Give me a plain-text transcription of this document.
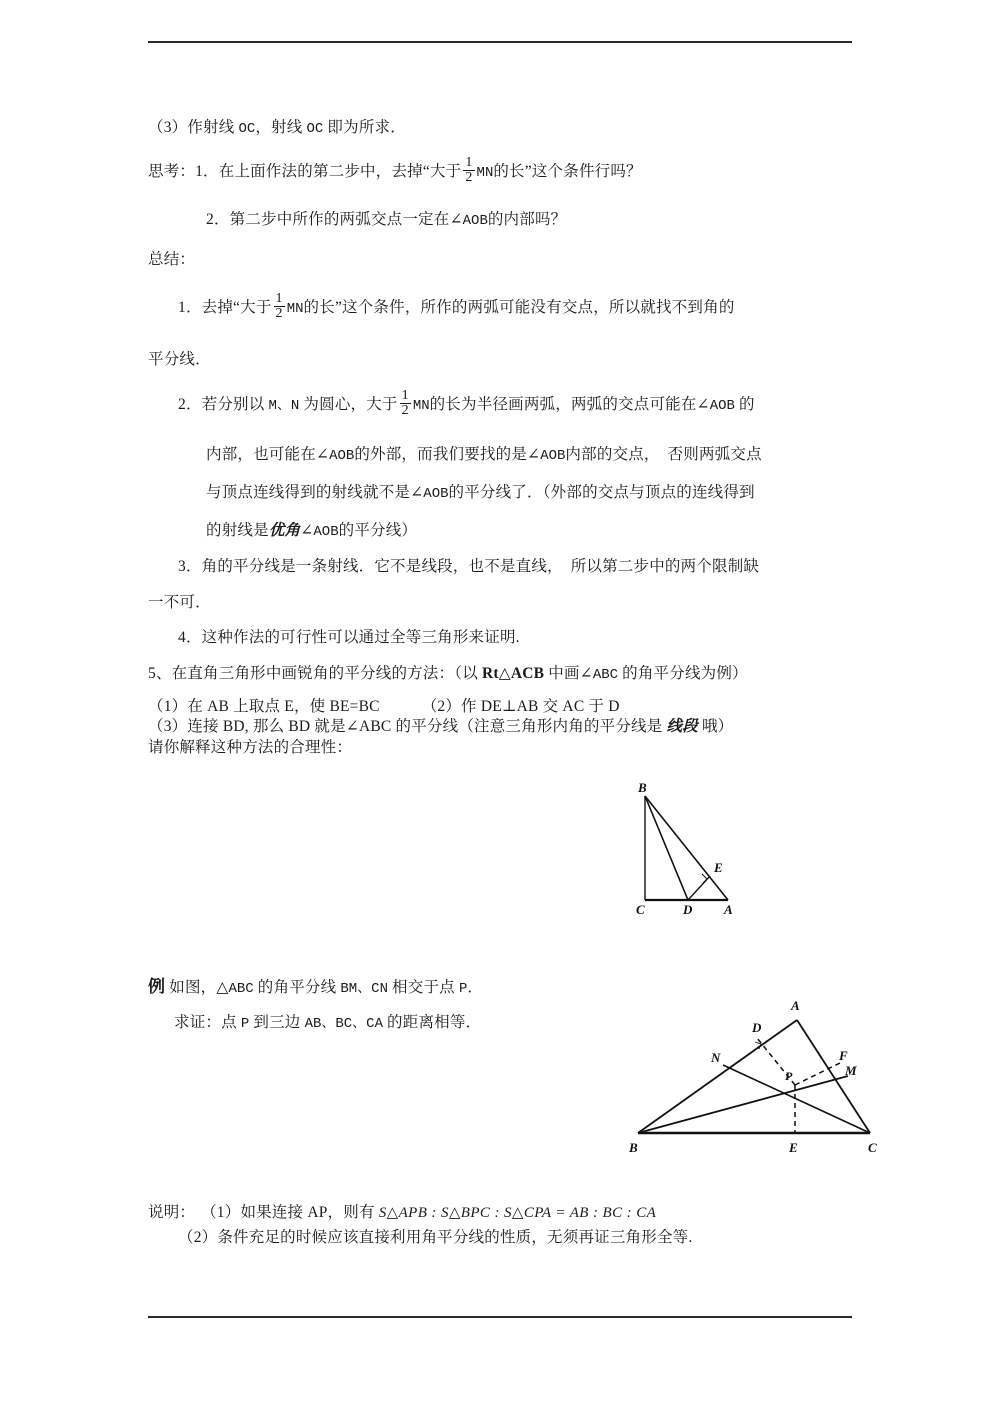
（3）作射线 OC，射线 OC 即为所求．
思考：1．在上面作法的第二步中，去掉“大于 $\frac{1}{2}$ MN的长”这个条件行吗？
2．第二步中所作的两弧交点一定在∠AOB的内部吗？
总结：
1．去掉“大于 $\frac{1}{2}$ MN的长”这个条件，所作的两弧可能没有交点，所以就找不到角的
平分线．
2．若分别以 M、N 为圆心，大于 $\frac{1}{2}$ MN的长为半径画两弧，两弧的交点可能在∠AOB 的
内部，也可能在∠AOB的外部，而我们要找的是∠AOB内部的交点，　否则两弧交点
与顶点连线得到的射线就不是∠AOB的平分线了．（外部的交点与顶点的连线得到
的射线是优角∠AOB的平分线）
3．角的平分线是一条射线．它不是线段，也不是直线，　所以第二步中的两个限制缺
一不可．
4．这种作法的可行性可以通过全等三角形来证明.
5、在直角三角形中画锐角的平分线的方法：（以 Rt△ACB 中画∠ABC 的角平分线为例）
（1）在 AB 上取点 E，使 BE=BC	（2）作 DE⊥AB 交 AC 于 D
（3）连接 BD, 那么 BD 就是∠ABC 的平分线（注意三角形内角的平分线是 线段 哦）
请你解释这种方法的合理性：
例 如图，△ABC 的角平分线 BM、CN 相交于点 P．
求证：点 P 到三边 AB、BC、CA 的距离相等．
说明： （1）如果连接 AP，则有 S△APB : S△BPC : S△CPA = AB : BC : CA
（2）条件充足的时候应该直接利用角平分线的性质，无须再证三角形全等.
B
C	D A
E
A
B	C
D
E
F
M
N
P
